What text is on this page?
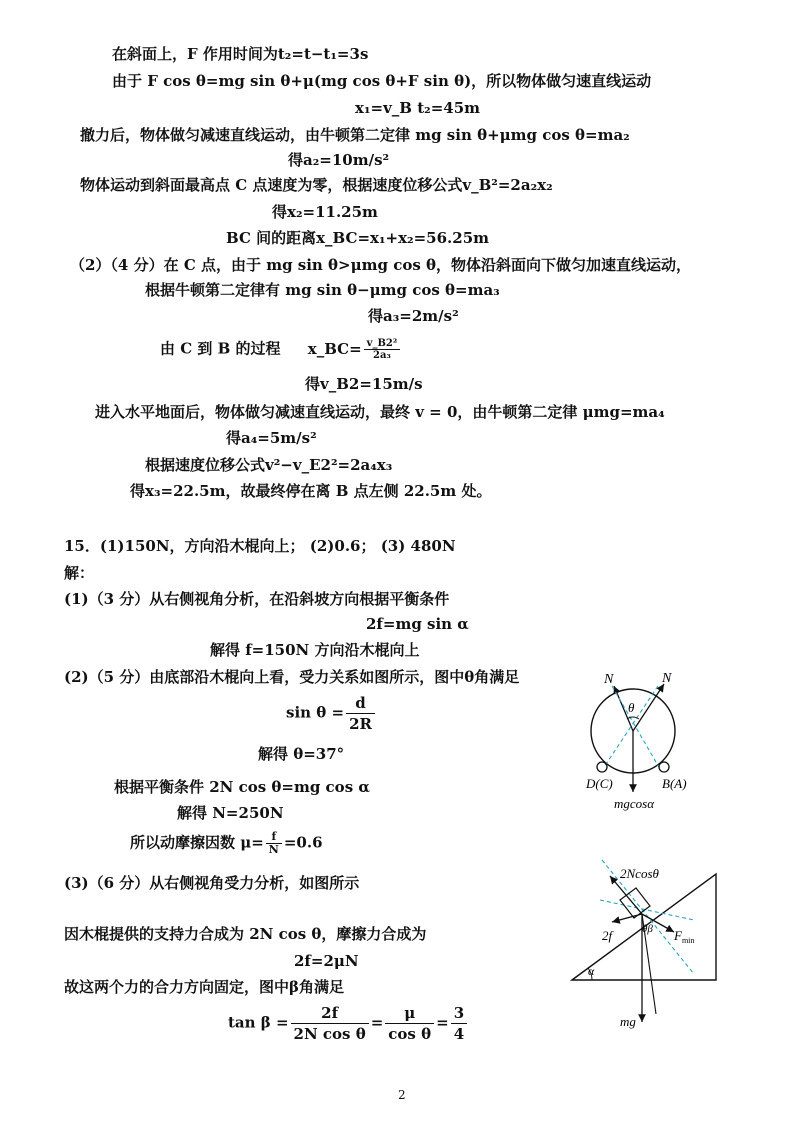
在斜面上，F 作用时间为t₂=t−t₁=3s
由于 F cos θ=mg sin θ+μ(mg cos θ+F sin θ)，所以物体做匀速直线运动
x₁=v_B t₂=45m
撤力后，物体做匀减速直线运动，由牛顿第二定律 mg sin θ+μmg cos θ=ma₂
得a₂=10m/s²
物体运动到斜面最高点 C 点速度为零，根据速度位移公式v_B²=2a₂x₂
得x₂=11.25m
BC 间的距离x_BC=x₁+x₂=56.25m
（2）（4 分）在 C 点，由于 mg sin θ>μmg cos θ，物体沿斜面向下做匀加速直线运动，
根据牛顿第二定律有 mg sin θ−μmg cos θ=ma₃
得a₃=2m/s²
由 C 到 B 的过程 x_BC= $\frac{\text{v\_B2²}}{\text{2a₃}}$
得v_B2=15m/s
进入水平地面后，物体做匀减速直线运动，最终 v = 0，由牛顿第二定律 μmg=ma₄
得a₄=5m/s²
根据速度位移公式v²−v_E2²=2a₄x₃
得x₃=22.5m，故最终停在离 B 点左侧 22.5m 处。
15．(1)150N，方向沿木棍向上； (2)0.6； (3) 480N
解：
(1)（3 分）从右侧视角分析，在沿斜坡方向根据平衡条件
2f=mg sin α
解得 f=150N 方向沿木棍向上
(2)（5 分）由底部沿木棍向上看，受力关系如图所示，图中θ角满足
$\sin \theta = \frac{d}{2R}$
解得 θ=37°
根据平衡条件 2N cos θ=mg cos α
解得 N=250N
所以动摩擦因数 $\mu= \frac{f}{N} =0.6$
(3)（6 分）从右侧视角受力分析，如图所示
因木棍提供的支持力合成为 2N cos θ，摩擦力合成为
2f=2μN
故这两个力的合力方向固定，图中β角满足
$\tan \beta = \frac{2f}{\text{2N cos θ}} = \frac{\mu}{\text{cos θ}} = \frac{3}{4}$
N	N
θ
D(C)	B(A)
mgcosα
α
2Ncosθ
2f	θβ $F_{min}$
mg
2
